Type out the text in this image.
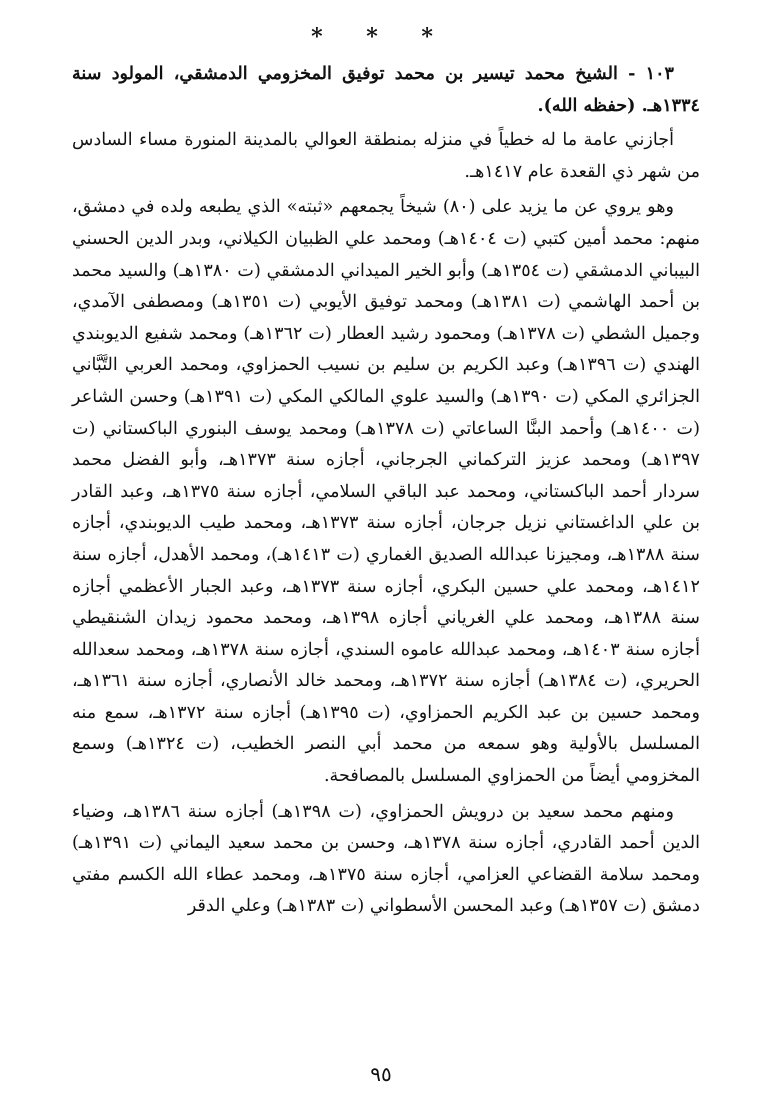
* * *

١٠٣ - الشيخ محمد تيسير بن محمد توفيق المخزومي الدمشقي، المولود سنة ١٣٣٤هـ. (حفظه الله).

أجازني عامة ما له خطياً في منزله بمنطقة العوالي بالمدينة المنورة مساء السادس من شهر ذي القعدة عام ١٤١٧هـ.

وهو يروي عن ما يزيد على (٨٠) شيخاً يجمعهم «ثبته» الذي يطبعه ولده في دمشق، منهم: محمد أمين كتبي (ت ١٤٠٤هـ) ومحمد علي الظبيان الكيلاني، وبدر الدين الحسني البيباني الدمشقي (ت ١٣٥٤هـ) وأبو الخير الميداني الدمشقي (ت ١٣٨٠هـ) والسيد محمد بن أحمد الهاشمي (ت ١٣٨١هـ) ومحمد توفيق الأيوبي (ت ١٣٥١هـ) ومصطفى الآمدي، وجميل الشطي (ت ١٣٧٨هـ) ومحمود رشيد العطار (ت ١٣٦٢هـ) ومحمد شفيع الديوبندي الهندي (ت ١٣٩٦هـ) وعبد الكريم بن سليم بن نسيب الحمزاوي، ومحمد العربي التَّبَّاني الجزائري المكي (ت ١٣٩٠هـ) والسيد علوي المالكي المكي (ت ١٣٩١هـ) وحسن الشاعر (ت ١٤٠٠هـ) وأحمد البنَّا الساعاتي (ت ١٣٧٨هـ) ومحمد يوسف البنوري الباكستاني (ت ١٣٩٧هـ) ومحمد عزيز التركماني الجرجاني، أجازه سنة ١٣٧٣هـ، وأبو الفضل محمد سردار أحمد الباكستاني، ومحمد عبد الباقي السلامي، أجازه سنة ١٣٧٥هـ، وعبد القادر بن علي الداغستاني نزيل جرجان، أجازه سنة ١٣٧٣هـ، ومحمد طيب الديوبندي، أجازه سنة ١٣٨٨هـ، ومجيزنا عبدالله الصديق الغماري (ت ١٤١٣هـ)، ومحمد الأهدل، أجازه سنة ١٤١٢هـ، ومحمد علي حسين البكري، أجازه سنة ١٣٧٣هـ، وعبد الجبار الأعظمي أجازه سنة ١٣٨٨هـ، ومحمد علي الغرياني أجازه ١٣٩٨هـ، ومحمد محمود زيدان الشنقيطي أجازه سنة ١٤٠٣هـ، ومحمد عبدالله عاموه السندي، أجازه سنة ١٣٧٨هـ، ومحمد سعدالله الحريري، (ت ١٣٨٤هـ) أجازه سنة ١٣٧٢هـ، ومحمد خالد الأنصاري، أجازه سنة ١٣٦١هـ، ومحمد حسين بن عبد الكريم الحمزاوي، (ت ١٣٩٥هـ) أجازه سنة ١٣٧٢هـ، سمع منه المسلسل بالأولية وهو سمعه من محمد أبي النصر الخطيب، (ت ١٣٢٤هـ) وسمع المخزومي أيضاً من الحمزاوي المسلسل بالمصافحة.

ومنهم محمد سعيد بن درويش الحمزاوي، (ت ١٣٩٨هـ) أجازه سنة ١٣٨٦هـ، وضياء الدين أحمد القادري، أجازه سنة ١٣٧٨هـ، وحسن بن محمد سعيد اليماني (ت ١٣٩١هـ) ومحمد سلامة القضاعي العزامي، أجازه سنة ١٣٧٥هـ، ومحمد عطاء الله الكسم مفتي دمشق (ت ١٣٥٧هـ) وعبد المحسن الأسطواني (ت ١٣٨٣هـ) وعلي الدقر

٩٥
